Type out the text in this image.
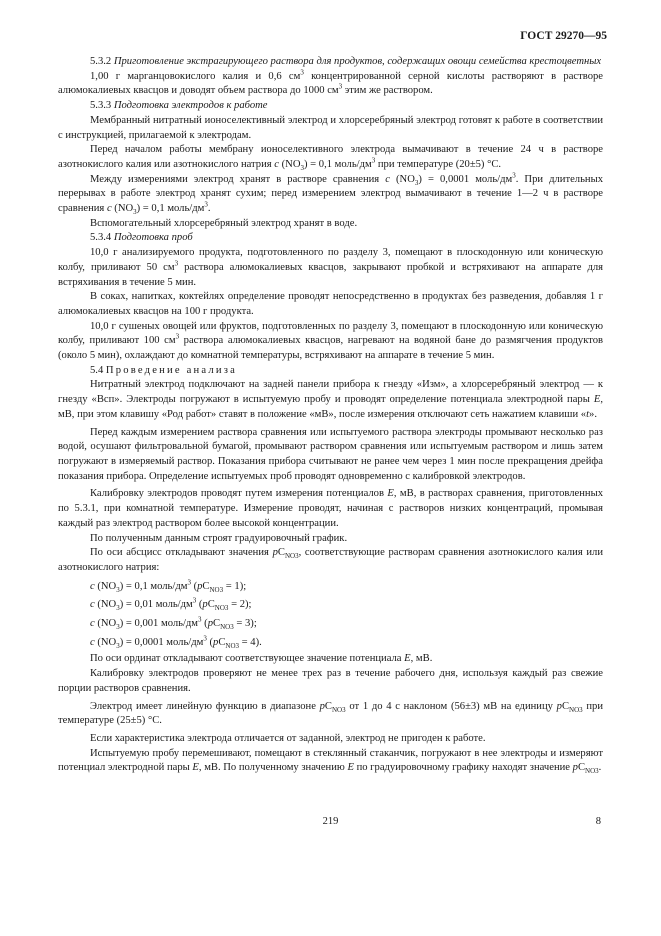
ГОСТ 29270—95

5.3.2 Приготовление экстрагирующего раствора для продуктов, содержащих овощи семейства крестоцветных

1,00 г марганцовокислого калия и 0,6 $см^3$ концентрированной серной кислоты растворяют в растворе алюмокалиевых квасцов и доводят объем раствора до 1000 $см^3$ этим же раствором.

5.3.3 Подготовка электродов к работе

Мембранный нитратный ионоселективный электрод и хлорсеребряный электрод готовят к работе в соответствии с инструкцией, прилагаемой к электродам.

Перед началом работы мембрану ионоселективного электрода вымачивают в течение 24 ч в растворе азотнокислого калия или азотнокислого натрия с $(NO_3) = 0,1$ моль/$дм^3$ при температуре (20±5) °С.

Между измерениями электрод хранят в растворе сравнения с $(NO_3) = 0,0001$ моль/$дм^3$. При длительных перерывах в работе электрод хранят сухим; перед измерением электрод вымачивают в течение 1—2 ч в растворе сравнения с $(NO_3) = 0,1$ моль/$дм^3$.

Вспомогательный хлорсеребряный электрод хранят в воде.

5.3.4 Подготовка проб

10,0 г анализируемого продукта, подготовленного по разделу 3, помещают в плоскодонную или коническую колбу, приливают 50 $см^3$ раствора алюмокалиевых квасцов, закрывают пробкой и встряхивают на аппарате для встряхивания в течение 5 мин.

В соках, напитках, коктейлях определение проводят непосредственно в продуктах без разведения, добавляя 1 г алюмокалиевых квасцов на 100 г продукта.

10,0 г сушеных овощей или фруктов, подготовленных по разделу 3, помещают в плоскодонную или коническую колбу, приливают 100 $см^3$ раствора алюмокалиевых квасцов, нагревают на водяной бане до размягчения продуктов (около 5 мин), охлаждают до комнатной температуры, встряхивают на аппарате в течение 5 мин.

5.4 Проведение анализа

Нитратный электрод подключают на задней панели прибора к гнезду «Изм», а хлорсеребряный электрод — к гнезду «Всп». Электроды погружают в испытуемую пробу и проводят определение потенциала электродной пары E, мВ, при этом клавишу «Род работ» ставят в положение «мВ», после измерения отключают сеть нажатием клавиши «t».

Перед каждым измерением раствора сравнения или испытуемого раствора электроды промывают несколько раз водой, осушают фильтровальной бумагой, промывают раствором сравнения или испытуемым раствором и лишь затем погружают в измеряемый раствор. Показания прибора считывают не ранее чем через 1 мин после прекращения дрейфа показания прибора. Определение испытуемых проб проводят одновременно с калибровкой электродов.

Калибровку электродов проводят путем измерения потенциалов E, мВ, в растворах сравнения, приготовленных по 5.3.1, при комнатной температуре. Измерение проводят, начиная с растворов низких концентраций, промывая каждый раз электрод раствором более высокой концентрации.

По полученным данным строят градуировочный график.

По оси абсцисс откладывают значения $pC_{NO3}$, соответствующие растворам сравнения азотнокислого калия или азотнокислого натрия:

с $(NO_3) = 0,1$ моль/$дм^3$ $(pC_{NO3} = 1)$;

с $(NO_3) = 0,01$ моль/$дм^3$ $(pC_{NO3} = 2)$;

с $(NO_3) = 0,001$ моль/$дм^3$ $(pC_{NO3} = 3)$;

с $(NO_3) = 0,0001$ моль/$дм^3$ $(pC_{NO3} = 4)$.

По оси ординат откладывают соответствующее значение потенциала E, мВ.

Калибровку электродов проверяют не менее трех раз в течение рабочего дня, используя каждый раз свежие порции растворов сравнения.

Электрод имеет линейную функцию в диапазоне $pC_{NO3}$ от 1 до 4 с наклоном (56±3) мВ на единицу $pC_{NO3}$ при температуре (25±5) °С.

Если характеристика электрода отличается от заданной, электрод не пригоден к работе.

Испытуемую пробу перемешивают, помещают в стеклянный стаканчик, погружают в нее электроды и измеряют потенциал электродной пары E, мВ. По полученному значению E по градуировочному графику находят значение $pC_{NO3}$.

219	8
